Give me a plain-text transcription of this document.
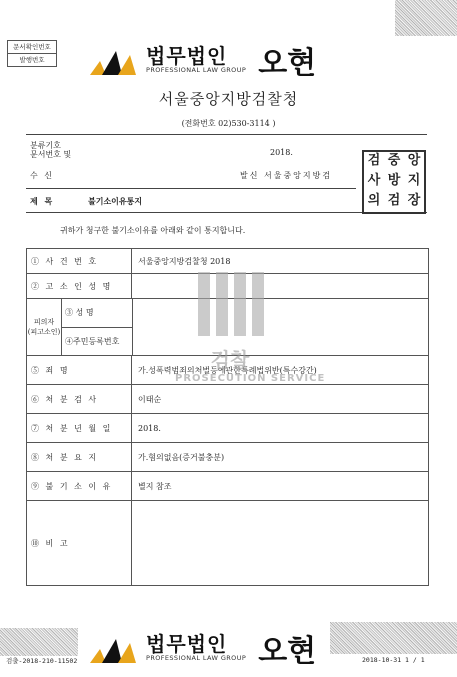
문서확인번호
발행번호	법무법인
PROFESSIONAL LAW GROUP 오현
서울중앙지방검찰청
(전화번호 02)530-3114 )
분류기호
문서번호 및	2018.
수 신	발신 서울중앙지방검
제 목	불기소이유통지
검 중 앙
사 방 지
의 검 장
귀하가 청구한 불기소이유를 아래와 같이 통지합니다.
① 사 건 번 호	서울중앙지방검찰청 2018
② 고 소 인 성 명
피의자
(피고소인)
③ 성 명
④주민등록번호
⑤ 죄 명	가.성폭력범죄의처벌등에관한특례법위반(특수강간)
⑥ 처 분 검 사	이태순
⑦ 처 분 년 월 일	2018.
⑧ 처 분 요 지	가.혐의없음(증거불충분)
⑨ 불 기 소 이 유	별지 참조
⑩ 비 고
검찰
PROSECUTION SERVICE
법무법인
PROFESSIONAL LAW GROUP 오현
검출-2018-210-11502	2018-10-31 1 / 1
